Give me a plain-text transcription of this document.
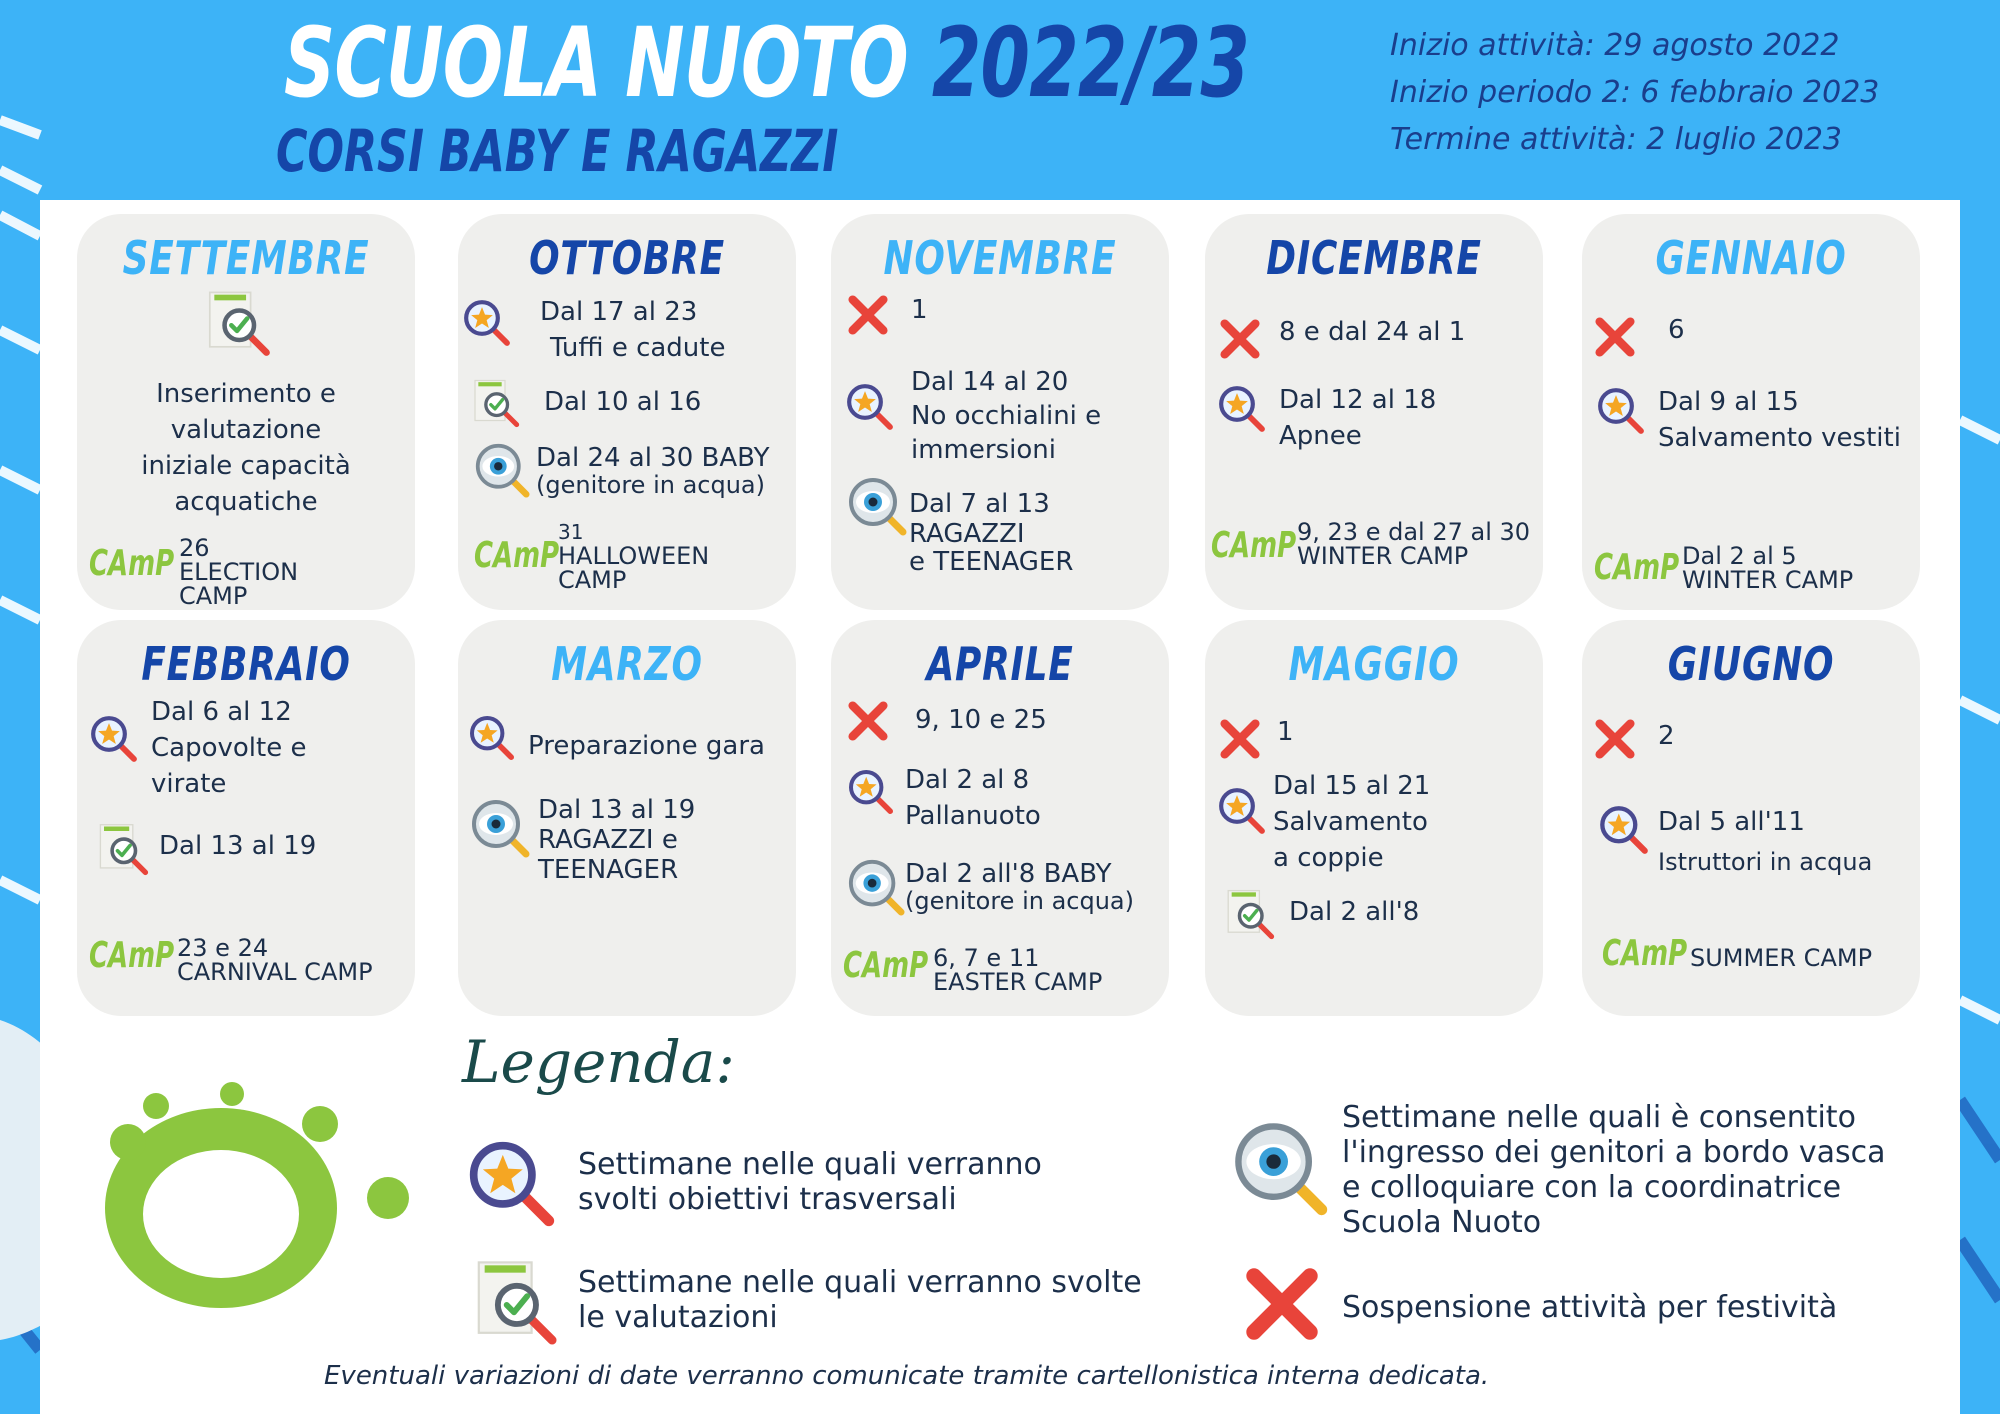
SCUOLA NUOTO 2022/23
CORSI BABY E RAGAZZI
Inizio attività: 29 agosto 2022
Inizio periodo 2: 6 febbraio 2023
Termine attività: 2 luglio 2023
SETTEMBRE
Inserimento e
valutazione
iniziale capacità
acquatiche
CAmP 26
ELECTION
CAMP
OTTOBRE
Dal 17 al 23
Tuffi e cadute
Dal 10 al 16
Dal 24 al 30 BABY
(genitore in acqua)
CAmP
31
HALLOWEEN
CAMP
NOVEMBRE
1
Dal 14 al 20
No occhialini e
immersioni
Dal 7 al 13
RAGAZZI
e TEENAGER
DICEMBRE
8 e dal 24 al 1
Dal 12 al 18
Apnee
CAmP 9, 23 e dal 27 al 30
WINTER CAMP
GENNAIO
6
Dal 9 al 15
Salvamento vestiti
CAmP Dal 2 al 5
WINTER CAMP
FEBBRAIO
Dal 6 al 12
Capovolte e
virate
Dal 13 al 19
CAmP 23 e 24
CARNIVAL CAMP
MARZO
Preparazione gara
Dal 13 al 19
RAGAZZI e
TEENAGER
APRILE
9, 10 e 25
Dal 2 al 8
Pallanuoto
Dal 2 all'8 BABY
(genitore in acqua)
CAmP 6, 7 e 11
EASTER CAMP
MAGGIO
1
Dal 15 al 21
Salvamento
a coppie
Dal 2 all'8
GIUGNO
2
Dal 5 all'11
Istruttori in acqua
CAmP SUMMER CAMP
Legenda:
Settimane nelle quali verranno
svolti obiettivi trasversali
Settimane nelle quali verranno svolte
le valutazioni
Settimane nelle quali è consentito
l'ingresso dei genitori a bordo vasca
e colloquiare con la coordinatrice
Scuola Nuoto
Sospensione attività per festività
Eventuali variazioni di date verranno comunicate tramite cartellonistica interna dedicata.
